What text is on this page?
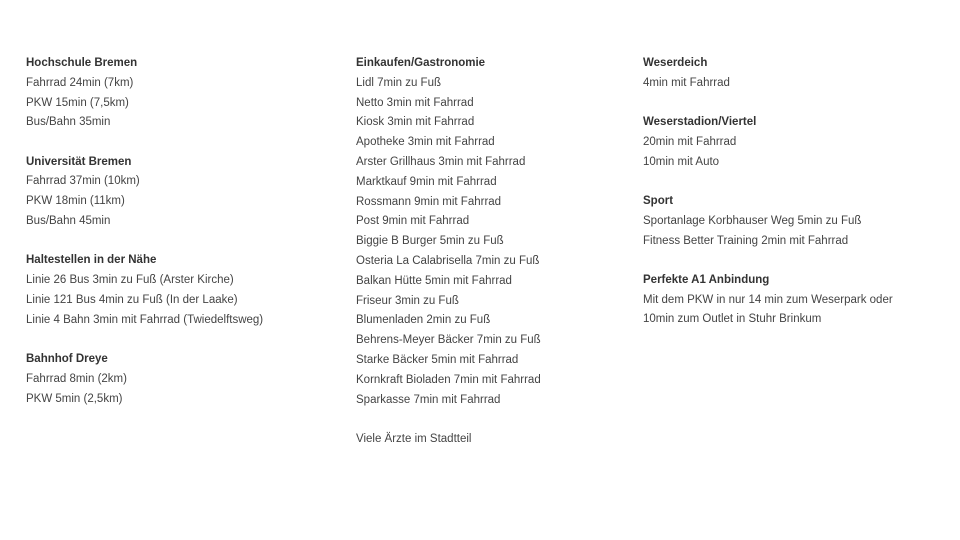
Hochschule Bremen
Fahrrad 24min (7km)
PKW 15min (7,5km)
Bus/Bahn 35min
Universität Bremen
Fahrrad 37min (10km)
PKW 18min (11km)
Bus/Bahn 45min
Haltestellen in der Nähe
Linie 26 Bus 3min zu Fuß (Arster Kirche)
Linie 121 Bus 4min zu Fuß (In der Laake)
Linie 4 Bahn 3min mit Fahrrad (Twiedelftsweg)
Bahnhof Dreye
Fahrrad 8min (2km)
PKW 5min (2,5km)
Einkaufen/Gastronomie
Lidl 7min zu Fuß
Netto 3min mit Fahrrad
Kiosk 3min mit Fahrrad
Apotheke 3min mit Fahrrad
Arster Grillhaus 3min mit Fahrrad
Marktkauf 9min mit Fahrrad
Rossmann 9min mit Fahrrad
Post 9min mit Fahrrad
Biggie B Burger 5min zu Fuß
Osteria La Calabrisella 7min zu Fuß
Balkan Hütte 5min mit Fahrrad
Friseur 3min zu Fuß
Blumenladen 2min zu Fuß
Behrens-Meyer Bäcker 7min zu Fuß
Starke Bäcker 5min mit Fahrrad
Kornkraft Bioladen 7min mit Fahrrad
Sparkasse 7min mit Fahrrad
Viele Ärzte im Stadtteil
Weserdeich
4min mit Fahrrad
Weserstadion/Viertel
20min mit Fahrrad
10min mit Auto
Sport
Sportanlage Korbhauser Weg 5min zu Fuß
Fitness Better Training 2min mit Fahrrad
Perfekte A1 Anbindung
Mit dem PKW in nur 14 min zum Weserpark oder
10min zum Outlet in Stuhr Brinkum
